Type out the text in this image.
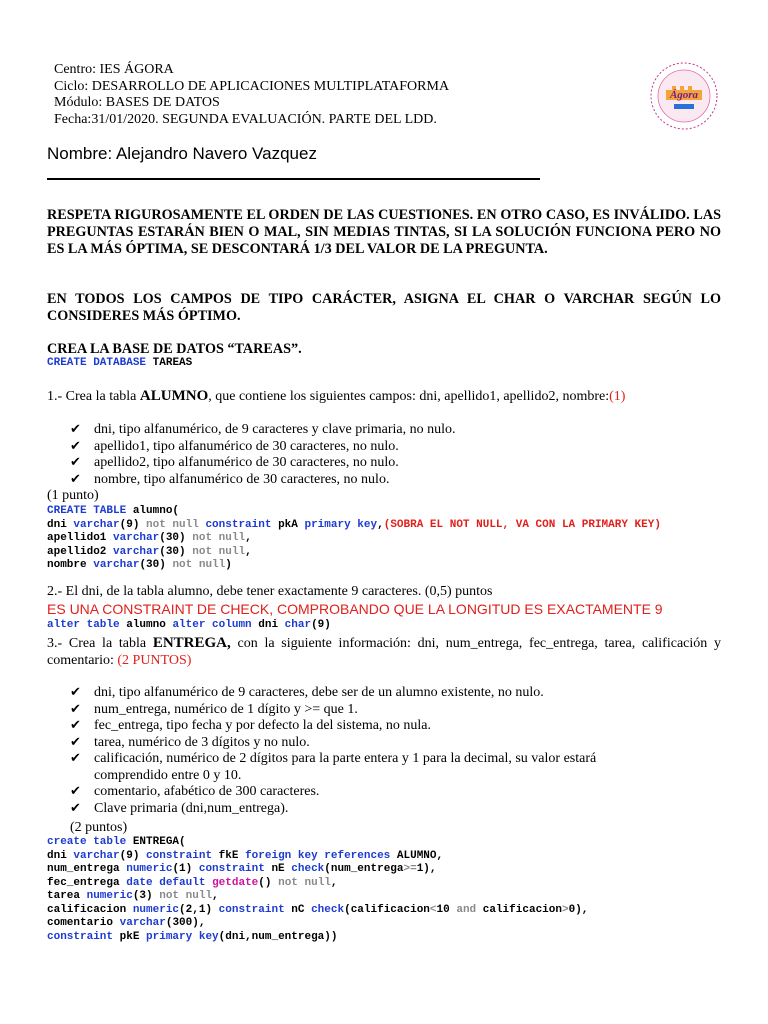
Centro: IES ÁGORA
Ciclo: DESARROLLO DE APLICACIONES MULTIPLATAFORMA
Módulo: BASES DE DATOS
Fecha:31/01/2020. SEGUNDA EVALUACIÓN. PARTE DEL LDD.
Ágora
Nombre: Alejandro Navero Vazquez
RESPETA RIGUROSAMENTE EL ORDEN DE LAS CUESTIONES. EN OTRO CASO, ES INVÁLIDO. LAS PREGUNTAS ESTARÁN BIEN O MAL, SIN MEDIAS TINTAS, SI LA SOLUCIÓN FUNCIONA PERO NO ES LA MÁS ÓPTIMA, SE DESCONTARÁ 1/3 DEL VALOR DE LA PREGUNTA.
EN TODOS LOS CAMPOS DE TIPO CARÁCTER, ASIGNA EL CHAR O VARCHAR SEGÚN LO CONSIDERES MÁS ÓPTIMO.
CREA LA BASE DE DATOS “TAREAS”.
CREATE DATABASE TAREAS
1.- Crea la tabla ALUMNO, que contiene los siguientes campos: dni, apellido1, apellido2, nombre:(1)
✔ dni, tipo alfanumérico, de 9 caracteres y clave primaria, no nulo.
✔ apellido1, tipo alfanumérico de 30 caracteres, no nulo.
✔ apellido2, tipo alfanumérico de 30 caracteres, no nulo.
✔ nombre, tipo alfanumérico de 30 caracteres, no nulo.
(1 punto)
CREATE TABLE alumno(
dni varchar(9) not null constraint pkA primary key,(SOBRA EL NOT NULL, VA CON LA PRIMARY KEY)
apellido1 varchar(30) not null,
apellido2 varchar(30) not null,
nombre varchar(30) not null)
2.- El dni, de la tabla alumno, debe tener exactamente 9 caracteres. (0,5) puntos
ES UNA CONSTRAINT DE CHECK, COMPROBANDO QUE LA LONGITUD ES EXACTAMENTE 9
alter table alumno alter column dni char(9)
3.- Crea la tabla ENTREGA, con la siguiente información: dni, num_entrega, fec_entrega, tarea, calificación y comentario: (2 PUNTOS)
✔ dni, tipo alfanumérico de 9 caracteres, debe ser de un alumno existente, no nulo.
✔ num_entrega, numérico de 1 dígito y >= que 1.
✔ fec_entrega, tipo fecha y por defecto la del sistema, no nula.
✔ tarea, numérico de 3 dígitos y no nulo.
✔ calificación, numérico de 2 dígitos para la parte entera y 1 para la decimal, su valor estará comprendido entre 0 y 10.
✔ comentario, afabético de 300 caracteres.
✔ Clave primaria (dni,num_entrega).
(2 puntos)
create table ENTREGA(
dni varchar(9) constraint fkE foreign key references ALUMNO,
num_entrega numeric(1) constraint nE check(num_entrega>=1),
fec_entrega date default getdate() not null,
tarea numeric(3) not null,
calificacion numeric(2,1) constraint nC check(calificacion<10 and calificacion>0),
comentario varchar(300),
constraint pkE primary key(dni,num_entrega))
